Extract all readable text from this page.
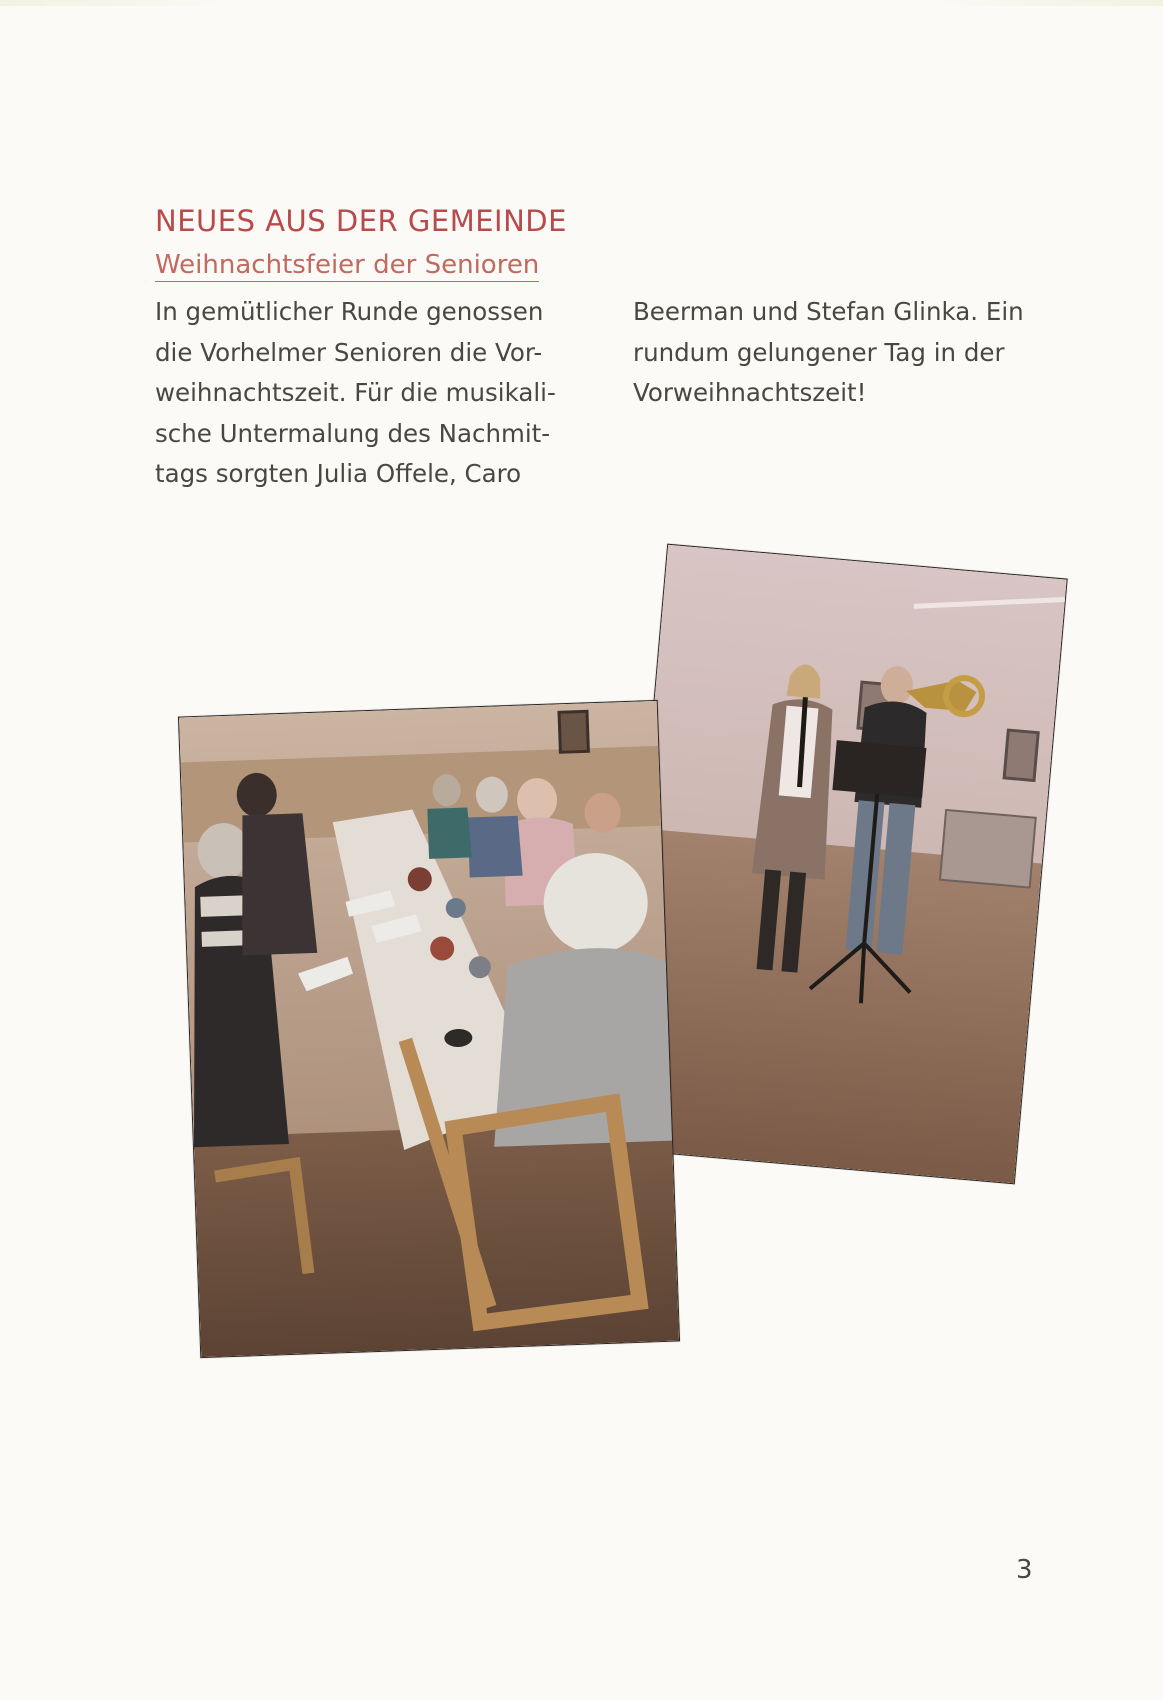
NEUES AUS DER GEMEINDE
Weihnachtsfeier der Senioren
In gemütlicher Runde genossen
die Vorhelmer Senioren die Vor-
weihnachtszeit. Für die musikali-
sche Untermalung des Nachmit-
tags sorgten Julia Offele, Caro
Beerman und Stefan Glinka. Ein
rundum gelungener Tag in der
Vorweihnachtszeit!
3
